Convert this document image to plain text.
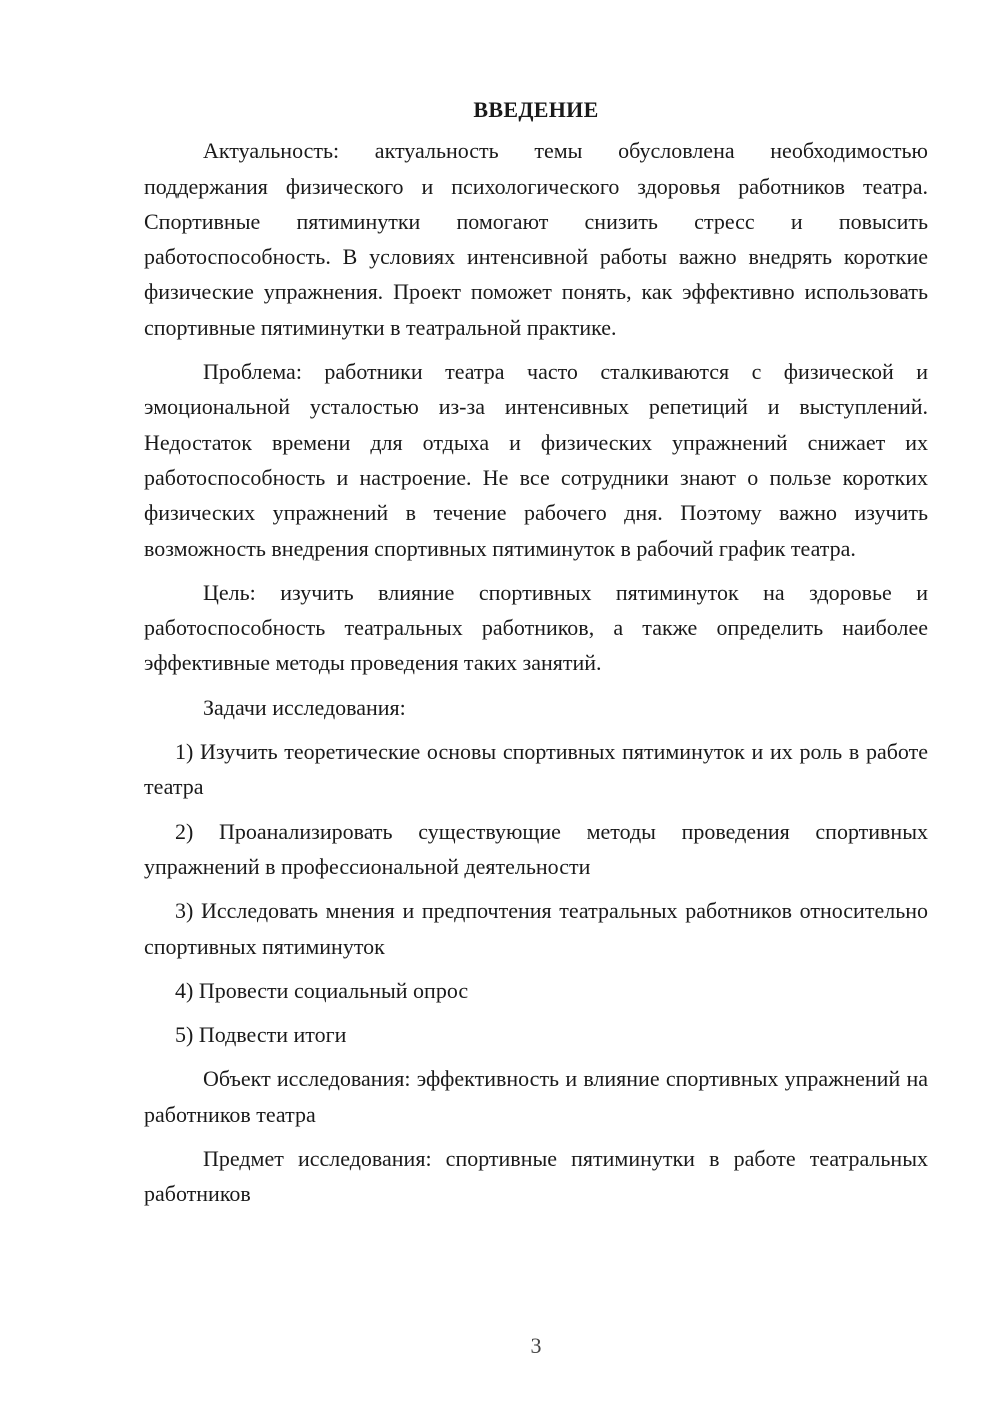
ВВЕДЕНИЕ

Актуальность: актуальность темы обусловлена необходимостью поддержания физического и психологического здоровья работников театра. Спортивные пятиминутки помогают снизить стресс и повысить работоспособность. В условиях интенсивной работы важно внедрять короткие физические упражнения. Проект поможет понять, как эффективно использовать спортивные пятиминутки в театральной практике.

Проблема: работники театра часто сталкиваются с физической и эмоциональной усталостью из-за интенсивных репетиций и выступлений. Недостаток времени для отдыха и физических упражнений снижает их работоспособность и настроение. Не все сотрудники знают о пользе коротких физических упражнений в течение рабочего дня. Поэтому важно изучить возможность внедрения спортивных пятиминуток в рабочий график театра.

Цель: изучить влияние спортивных пятиминуток на здоровье и работоспособность театральных работников, а также определить наиболее эффективные методы проведения таких занятий.

Задачи исследования:

1) Изучить теоретические основы спортивных пятиминуток и их роль в работе театра

2) Проанализировать существующие методы проведения спортивных упражнений в профессиональной деятельности

3) Исследовать мнения и предпочтения театральных работников относительно спортивных пятиминуток

4) Провести социальный опрос

5) Подвести итоги

Объект исследования: эффективность и влияние спортивных упражнений на работников театра

Предмет исследования: спортивные пятиминутки в работе театральных работников

3
